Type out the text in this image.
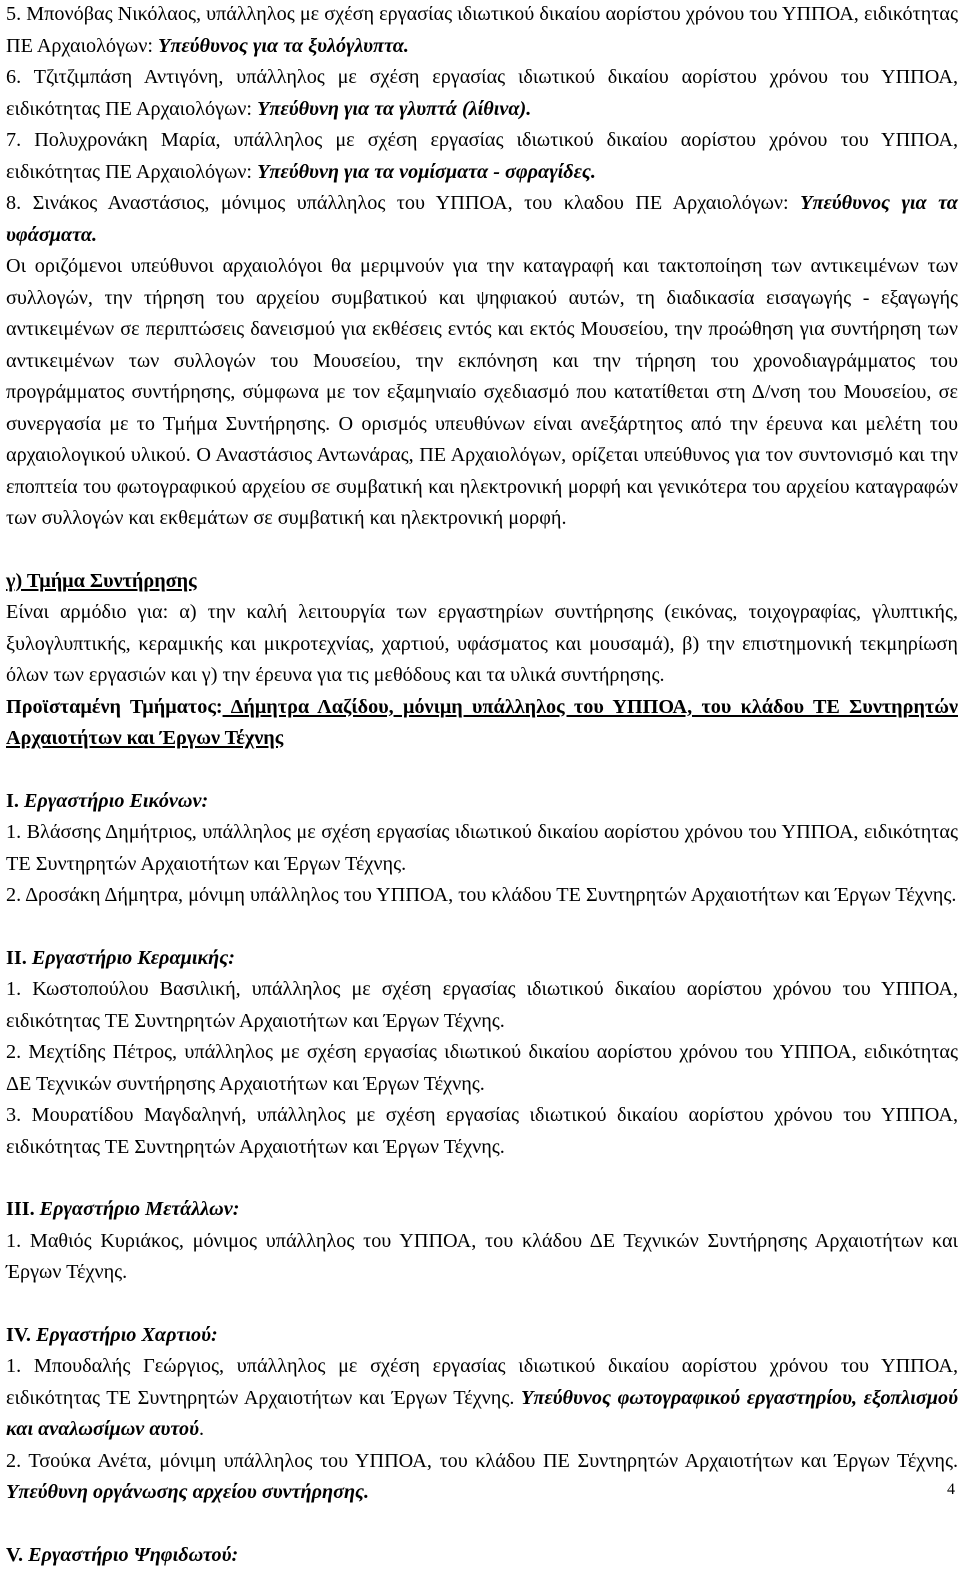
5. Μπονόβας Νικόλαος, υπάλληλος με σχέση εργασίας ιδιωτικού δικαίου αορίστου χρόνου του ΥΠΠΟΑ, ειδικότητας ΠΕ Αρχαιολόγων: Υπεύθυνος για τα ξυλόγλυπτα.

6. Τζιτζιμπάση Αντιγόνη, υπάλληλος με σχέση εργασίας ιδιωτικού δικαίου αορίστου χρόνου του ΥΠΠΟΑ, ειδικότητας ΠΕ Αρχαιολόγων: Υπεύθυνη για τα γλυπτά (λίθινα).

7. Πολυχρονάκη Μαρία, υπάλληλος με σχέση εργασίας ιδιωτικού δικαίου αορίστου χρόνου του ΥΠΠΟΑ, ειδικότητας ΠΕ Αρχαιολόγων: Υπεύθυνη για τα νομίσματα - σφραγίδες.

8. Σινάκος Αναστάσιος, μόνιμος υπάλληλος του ΥΠΠΟΑ, του κλαδου ΠΕ Αρχαιολόγων: Υπεύθυνος για τα υφάσματα.

Οι οριζόμενοι υπεύθυνοι αρχαιολόγοι θα μεριμνούν για την καταγραφή και τακτοποίηση των αντικειμένων των συλλογών, την τήρηση του αρχείου συμβατικού και ψηφιακού αυτών, τη διαδικασία εισαγωγής - εξαγωγής αντικειμένων σε περιπτώσεις δανεισμού για εκθέσεις εντός και εκτός Μουσείου, την προώθηση για συντήρηση των αντικειμένων των συλλογών του Μουσείου, την εκπόνηση και την τήρηση του χρονοδιαγράμματος του προγράμματος συντήρησης, σύμφωνα με τον εξαμηνιαίο σχεδιασμό που κατατίθεται στη Δ/νση του Μουσείου, σε συνεργασία με το Τμήμα Συντήρησης. Ο ορισμός υπευθύνων είναι ανεξάρτητος από την έρευνα και μελέτη του αρχαιολογικού υλικού. Ο Αναστάσιος Αντωνάρας, ΠΕ Αρχαιολόγων, ορίζεται υπεύθυνος για τον συντονισμό και την εποπτεία του φωτογραφικού αρχείου σε συμβατική και ηλεκτρονική μορφή και γενικότερα του αρχείου καταγραφών των συλλογών και εκθεμάτων σε συμβατική και ηλεκτρονική μορφή.

γ) Τμήμα Συντήρησης

Είναι αρμόδιο για: α) την καλή λειτουργία των εργαστηρίων συντήρησης (εικόνας, τοιχογραφίας, γλυπτικής, ξυλογλυπτικής, κεραμικής και μικροτεχνίας, χαρτιού, υφάσματος και μουσαμά), β) την επιστημονική τεκμηρίωση όλων των εργασιών και γ) την έρευνα για τις μεθόδους και τα υλικά συντήρησης.

Προϊσταμένη Τμήματος: Δήμητρα Λαζίδου, μόνιμη υπάλληλος του ΥΠΠΟΑ, του κλάδου ΤΕ Συντηρητών Αρχαιοτήτων και Έργων Τέχνης

I. Εργαστήριο Εικόνων:

1. Βλάσσης Δημήτριος, υπάλληλος με σχέση εργασίας ιδιωτικού δικαίου αορίστου χρόνου του ΥΠΠΟΑ, ειδικότητας ΤΕ Συντηρητών Αρχαιοτήτων και Έργων Τέχνης.

2. Δροσάκη Δήμητρα, μόνιμη υπάλληλος του ΥΠΠΟΑ, του κλάδου ΤΕ Συντηρητών Αρχαιοτήτων και Έργων Τέχνης.

II. Εργαστήριο Κεραμικής:

1. Κωστοπούλου Βασιλική, υπάλληλος με σχέση εργασίας ιδιωτικού δικαίου αορίστου χρόνου του ΥΠΠΟΑ, ειδικότητας ΤΕ Συντηρητών Αρχαιοτήτων και Έργων Τέχνης.

2. Μεχτίδης Πέτρος, υπάλληλος με σχέση εργασίας ιδιωτικού δικαίου αορίστου χρόνου του ΥΠΠΟΑ, ειδικότητας ΔΕ Τεχνικών συντήρησης Αρχαιοτήτων και Έργων Τέχνης.

3. Μουρατίδου Μαγδαληνή, υπάλληλος με σχέση εργασίας ιδιωτικού δικαίου αορίστου χρόνου του ΥΠΠΟΑ, ειδικότητας ΤΕ Συντηρητών Αρχαιοτήτων και Έργων Τέχνης.

III. Εργαστήριο Μετάλλων:

1. Μαθιός Κυριάκος, μόνιμος υπάλληλος του ΥΠΠΟΑ, του κλάδου ΔΕ Τεχνικών Συντήρησης Αρχαιοτήτων και Έργων Τέχνης.

IV. Εργαστήριο Χαρτιού:

1. Μπουδαλής Γεώργιος, υπάλληλος με σχέση εργασίας ιδιωτικού δικαίου αορίστου χρόνου του ΥΠΠΟΑ, ειδικότητας ΤΕ Συντηρητών Αρχαιοτήτων και Έργων Τέχνης. Υπεύθυνος φωτογραφικού εργαστηρίου, εξοπλισμού και αναλωσίμων αυτού.

2. Τσούκα Ανέτα, μόνιμη υπάλληλος του ΥΠΠΟΑ, του κλάδου ΠΕ Συντηρητών Αρχαιοτήτων και Έργων Τέχνης. Υπεύθυνη οργάνωσης αρχείου συντήρησης.

V. Εργαστήριο Ψηφιδωτού:

4
